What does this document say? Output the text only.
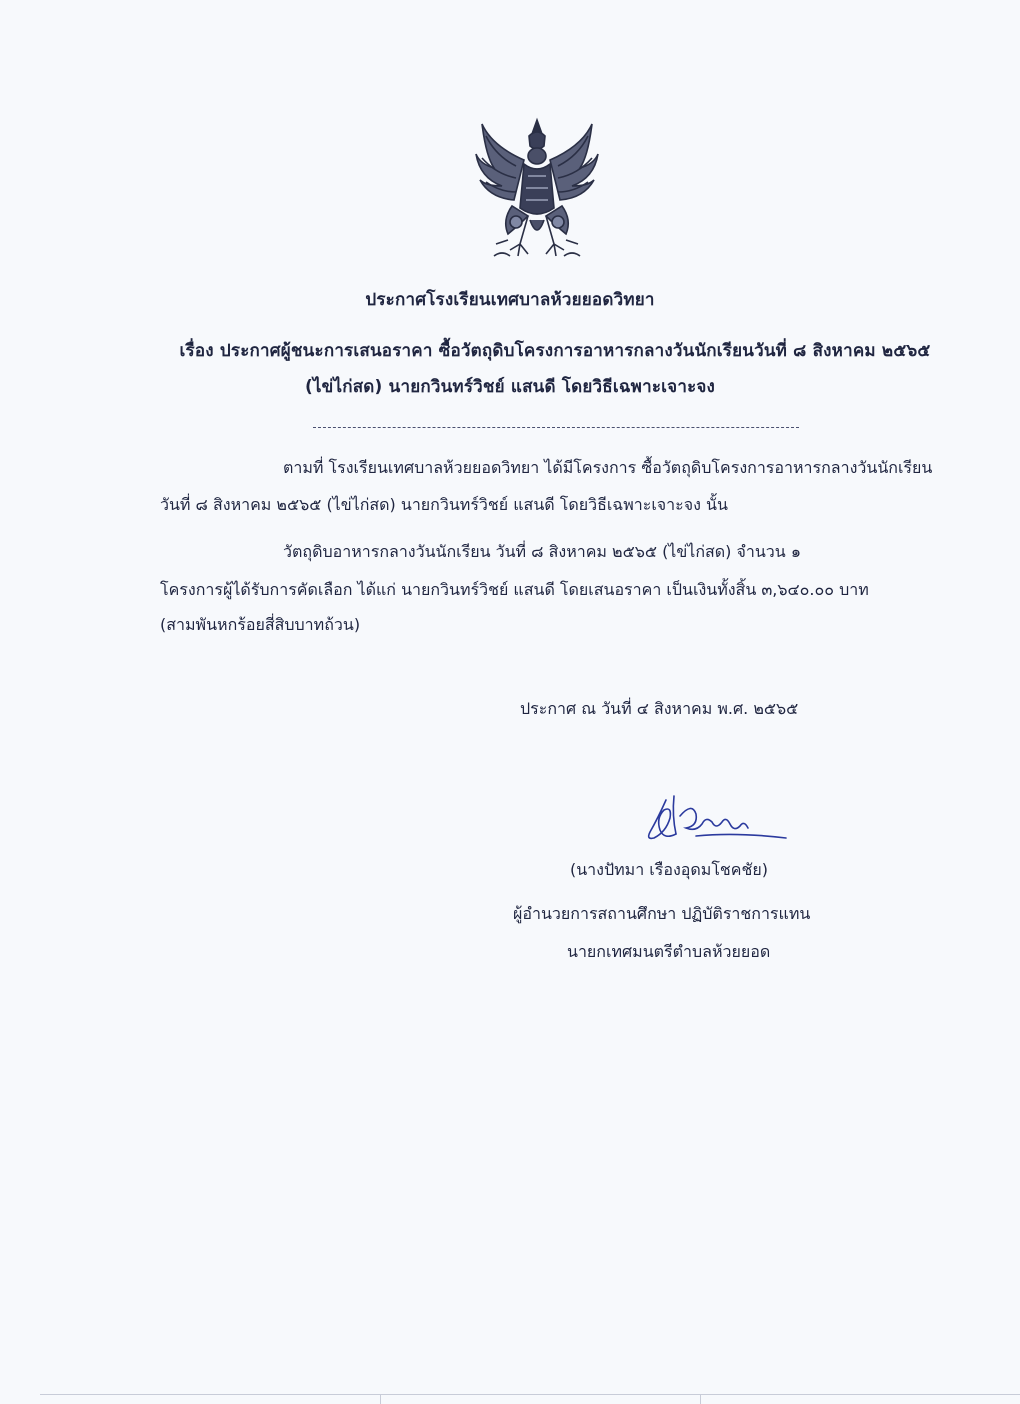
ประกาศโรงเรียนเทศบาลห้วยยอดวิทยา
เรื่อง ประกาศผู้ชนะการเสนอราคา ซื้อวัตถุดิบโครงการอาหารกลางวันนักเรียนวันที่ ๘ สิงหาคม ๒๕๖๕
(ไข่ไก่สด) นายกวินทร์วิชย์ แสนดี โดยวิธีเฉพาะเจาะจง
ตามที่ โรงเรียนเทศบาลห้วยยอดวิทยา ได้มีโครงการ ซื้อวัตถุดิบโครงการอาหารกลางวันนักเรียน
วันที่ ๘ สิงหาคม ๒๕๖๕ (ไข่ไก่สด) นายกวินทร์วิชย์ แสนดี โดยวิธีเฉพาะเจาะจง นั้น
วัตถุดิบอาหารกลางวันนักเรียน วันที่ ๘ สิงหาคม ๒๕๖๕ (ไข่ไก่สด) จำนวน ๑
โครงการผู้ได้รับการคัดเลือก ได้แก่ นายกวินทร์วิชย์ แสนดี โดยเสนอราคา เป็นเงินทั้งสิ้น ๓,๖๔๐.๐๐ บาท
(สามพันหกร้อยสี่สิบบาทถ้วน)
ประกาศ ณ วันที่ ๔ สิงหาคม พ.ศ. ๒๕๖๕
(นางปัทมา เรืองอุดมโชคชัย)
ผู้อำนวยการสถานศึกษา ปฏิบัติราชการแทน
นายกเทศมนตรีตำบลห้วยยอด
